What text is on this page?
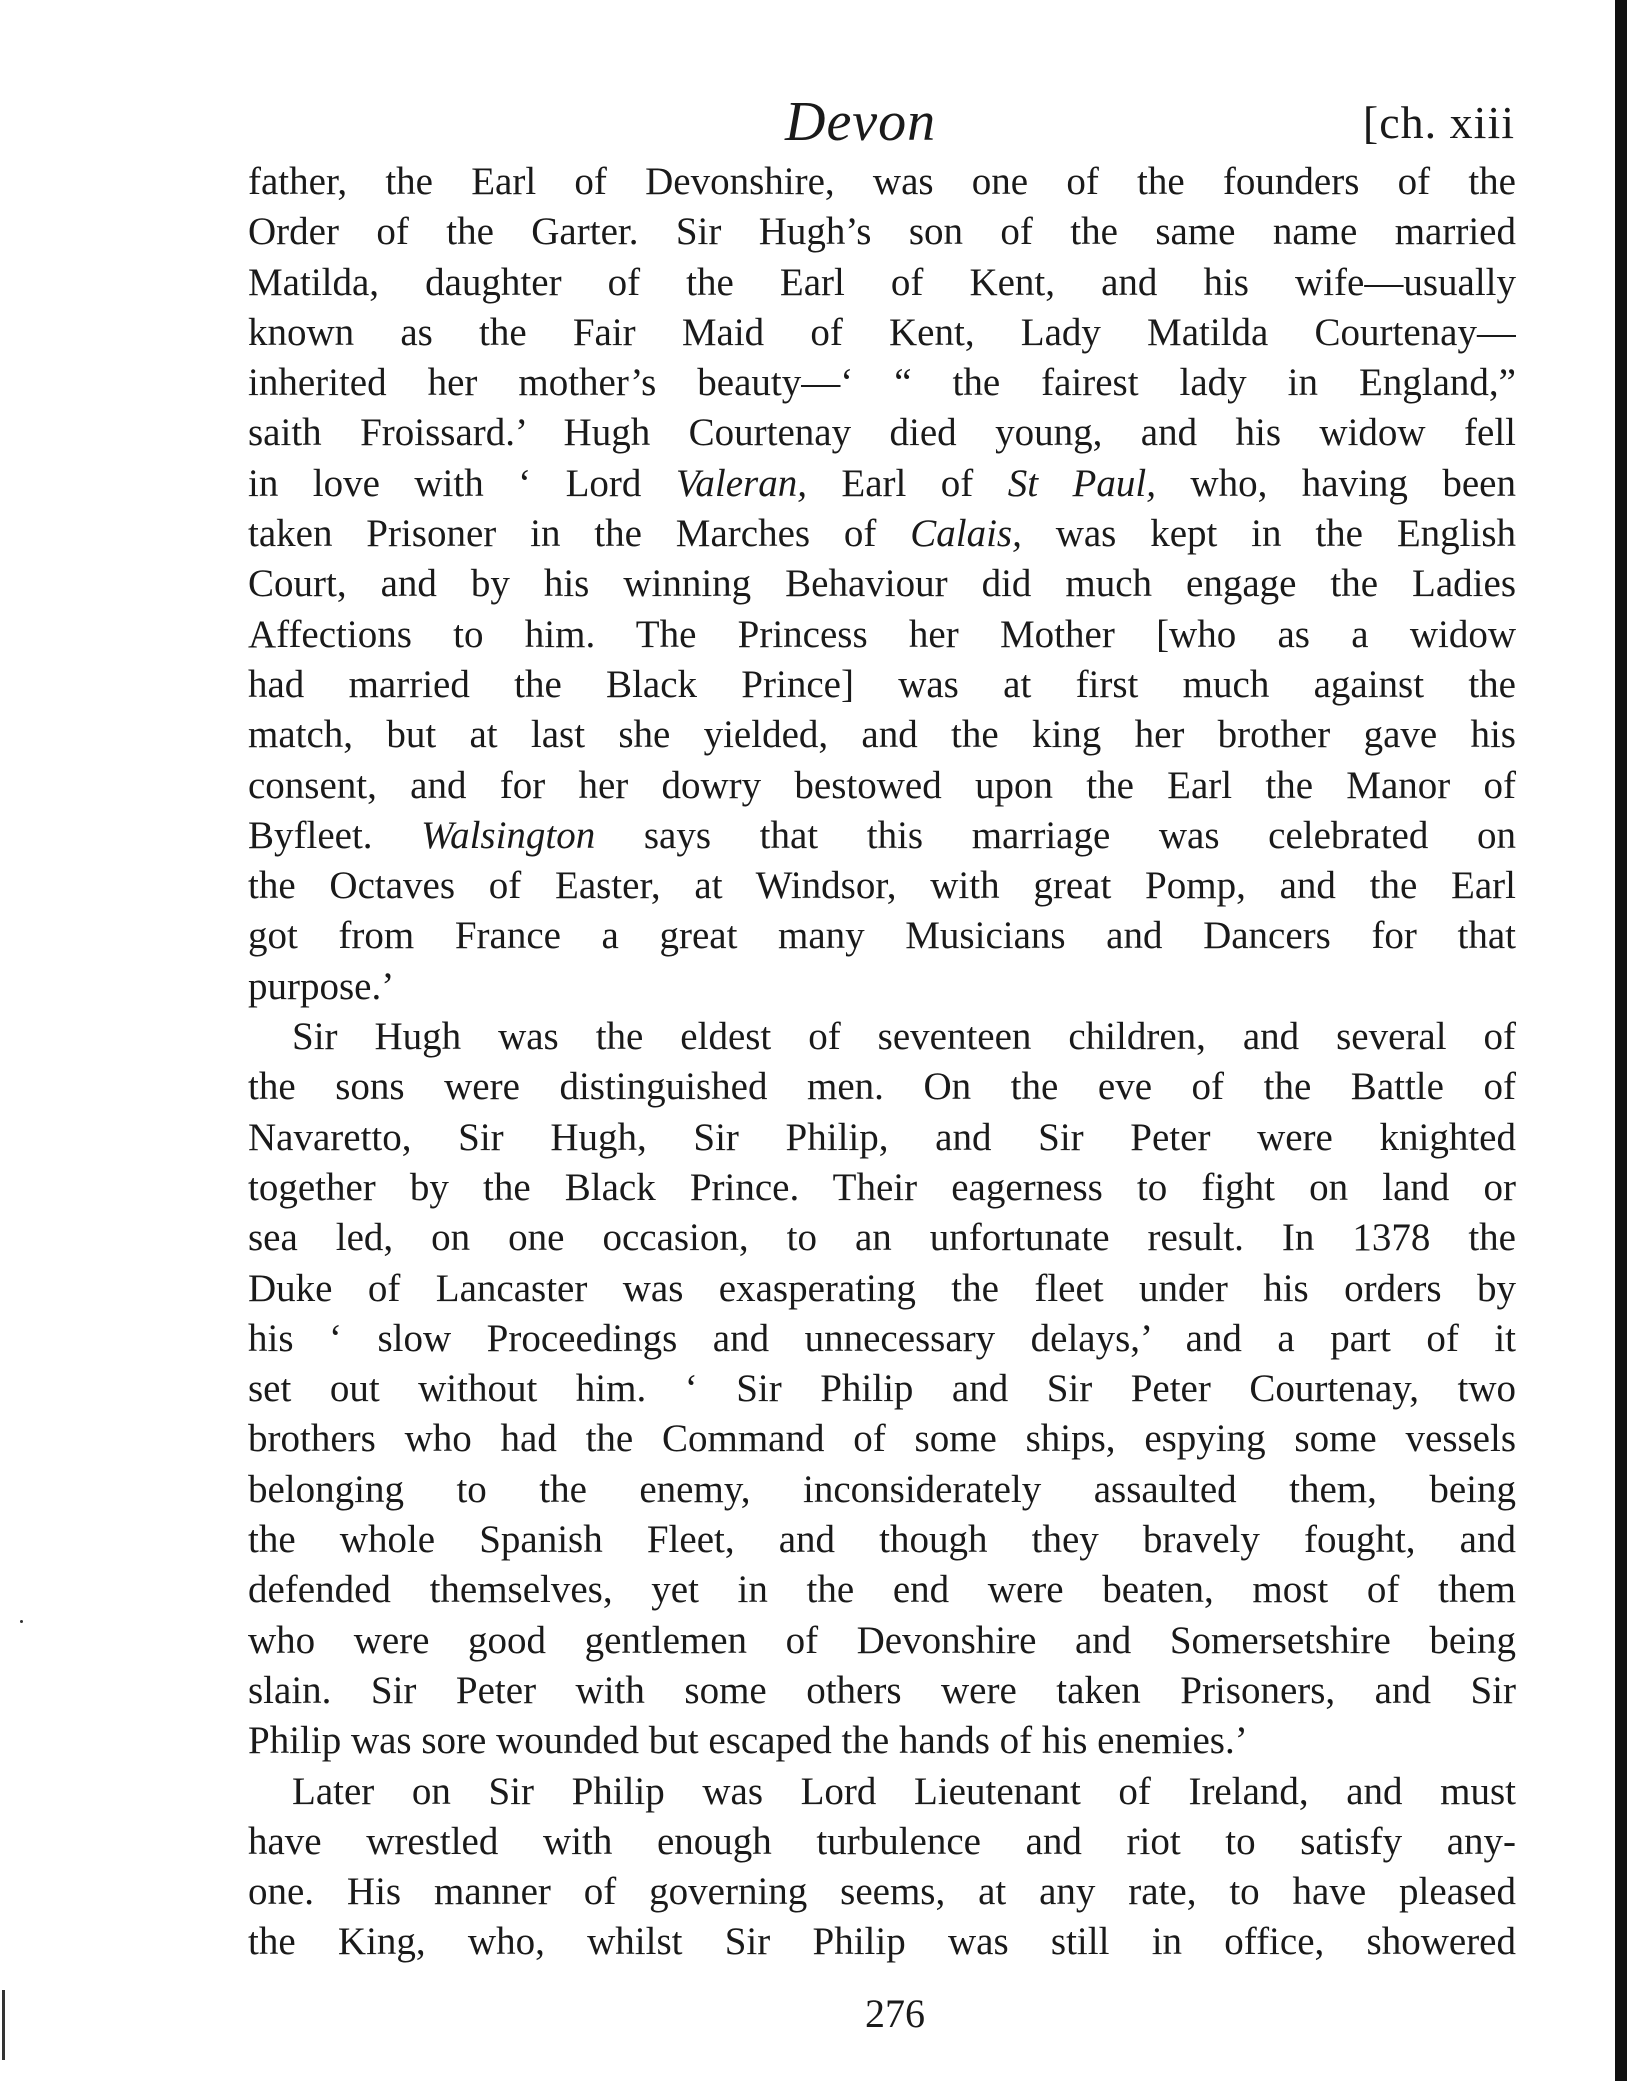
Devon	[ch. xiii
father, the Earl of Devonshire, was one of the founders of the
Order of the Garter. Sir Hugh’s son of the same name married
Matilda, daughter of the Earl of Kent, and his wife—usually
known as the Fair Maid of Kent, Lady Matilda Courtenay—
inherited her mother’s beauty—‘ “ the fairest lady in England,”
saith Froissard.’ Hugh Courtenay died young, and his widow fell
in love with ‘ Lord Valeran, Earl of St Paul, who, having been
taken Prisoner in the Marches of Calais, was kept in the English
Court, and by his winning Behaviour did much engage the Ladies
Affections to him. The Princess her Mother [who as a widow
had married the Black Prince] was at first much against the
match, but at last she yielded, and the king her brother gave his
consent, and for her dowry bestowed upon the Earl the Manor of
Byfleet. Walsington says that this marriage was celebrated on
the Octaves of Easter, at Windsor, with great Pomp, and the Earl
got from France a great many Musicians and Dancers for that
purpose.’
Sir Hugh was the eldest of seventeen children, and several of
the sons were distinguished men. On the eve of the Battle of
Navaretto, Sir Hugh, Sir Philip, and Sir Peter were knighted
together by the Black Prince. Their eagerness to fight on land or
sea led, on one occasion, to an unfortunate result. In 1378 the
Duke of Lancaster was exasperating the fleet under his orders by
his ‘ slow Proceedings and unnecessary delays,’ and a part of it
set out without him. ‘ Sir Philip and Sir Peter Courtenay, two
brothers who had the Command of some ships, espying some vessels
belonging to the enemy, inconsiderately assaulted them, being
the whole Spanish Fleet, and though they bravely fought, and
defended themselves, yet in the end were beaten, most of them
who were good gentlemen of Devonshire and Somersetshire being
slain. Sir Peter with some others were taken Prisoners, and Sir
Philip was sore wounded but escaped the hands of his enemies.’
Later on Sir Philip was Lord Lieutenant of Ireland, and must
have wrestled with enough turbulence and riot to satisfy any-
one. His manner of governing seems, at any rate, to have pleased
the King, who, whilst Sir Philip was still in office, showered
276
